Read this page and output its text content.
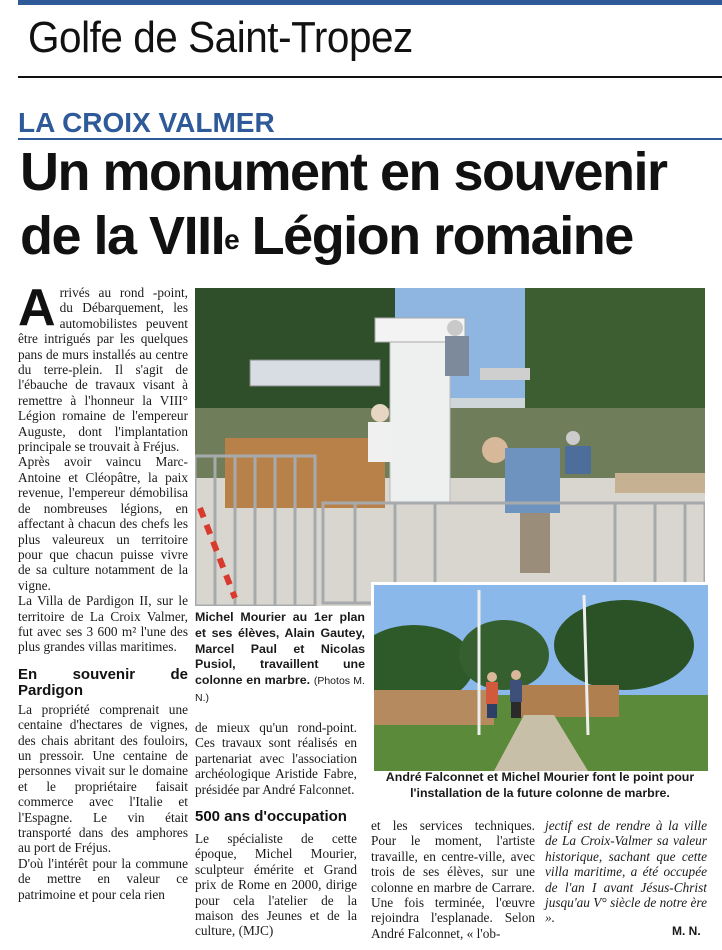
Golfe de Saint-Tropez
LA CROIX VALMER
Un monument en souvenir
de la VIIIe Légion romaine

Arrivés au rond -point, du Débarquement, les automobilistes peuvent être intrigués par les quelques pans de murs installés au centre du terre-plein. Il s'agit de l'ébauche de travaux visant à remettre à l'honneur la VIII° Légion romaine de l'empereur Auguste, dont l'implantation principale se trouvait à Fréjus.

Après avoir vaincu Marc-Antoine et Cléopâtre, la paix revenue, l'empereur démobilisa de nombreuses légions, en affectant à chacun des chefs les plus valeureux un territoire pour que chacun puisse vivre de sa culture notamment de la vigne.

La Villa de Pardigon II, sur le territoire de La Croix Valmer, fut avec ses 3 600 m² l'une des plus grandes villas maritimes.

En souvenir de Pardigon

La propriété comprenait une centaine d'hectares de vignes, des chais abritant des fouloirs, un pressoir. Une centaine de personnes vivait sur le domaine et le propriétaire faisait commerce avec l'Italie et l'Espagne. Le vin était transporté dans des amphores au port de Fréjus.

D'où l'intérêt pour la commune de mettre en valeur ce patrimoine et pour cela rien

Michel Mourier au 1er plan et ses élèves, Alain Gautey, Marcel Paul et Nicolas Pusiol, travaillent une colonne en marbre. (Photos M. N.)
André Falconnet et Michel Mourier font le point pour l'installation de la future colonne de marbre.

de mieux qu'un rond-point. Ces travaux sont réalisés en partenariat avec l'association archéologique Aristide Fabre, présidée par André Falconnet.

500 ans d'occupation

Le spécialiste de cette époque, Michel Mourier, sculpteur émérite et Grand prix de Rome en 2000, dirige pour cela l'atelier de la maison des Jeunes et de la culture, (MJC)

et les services techniques. Pour le moment, l'artiste travaille, en centre-ville, avec trois de ses élèves, sur une colonne en marbre de Carrare. Une fois terminée, l'œuvre rejoindra l'esplanade. Selon André Falconnet, « l'ob-
jectif est de rendre à la ville de La Croix-Valmer sa valeur historique, sachant que cette villa maritime, a été occupée de l'an I avant Jésus-Christ jusqu'au V° siècle de notre ère ».
M. N.
